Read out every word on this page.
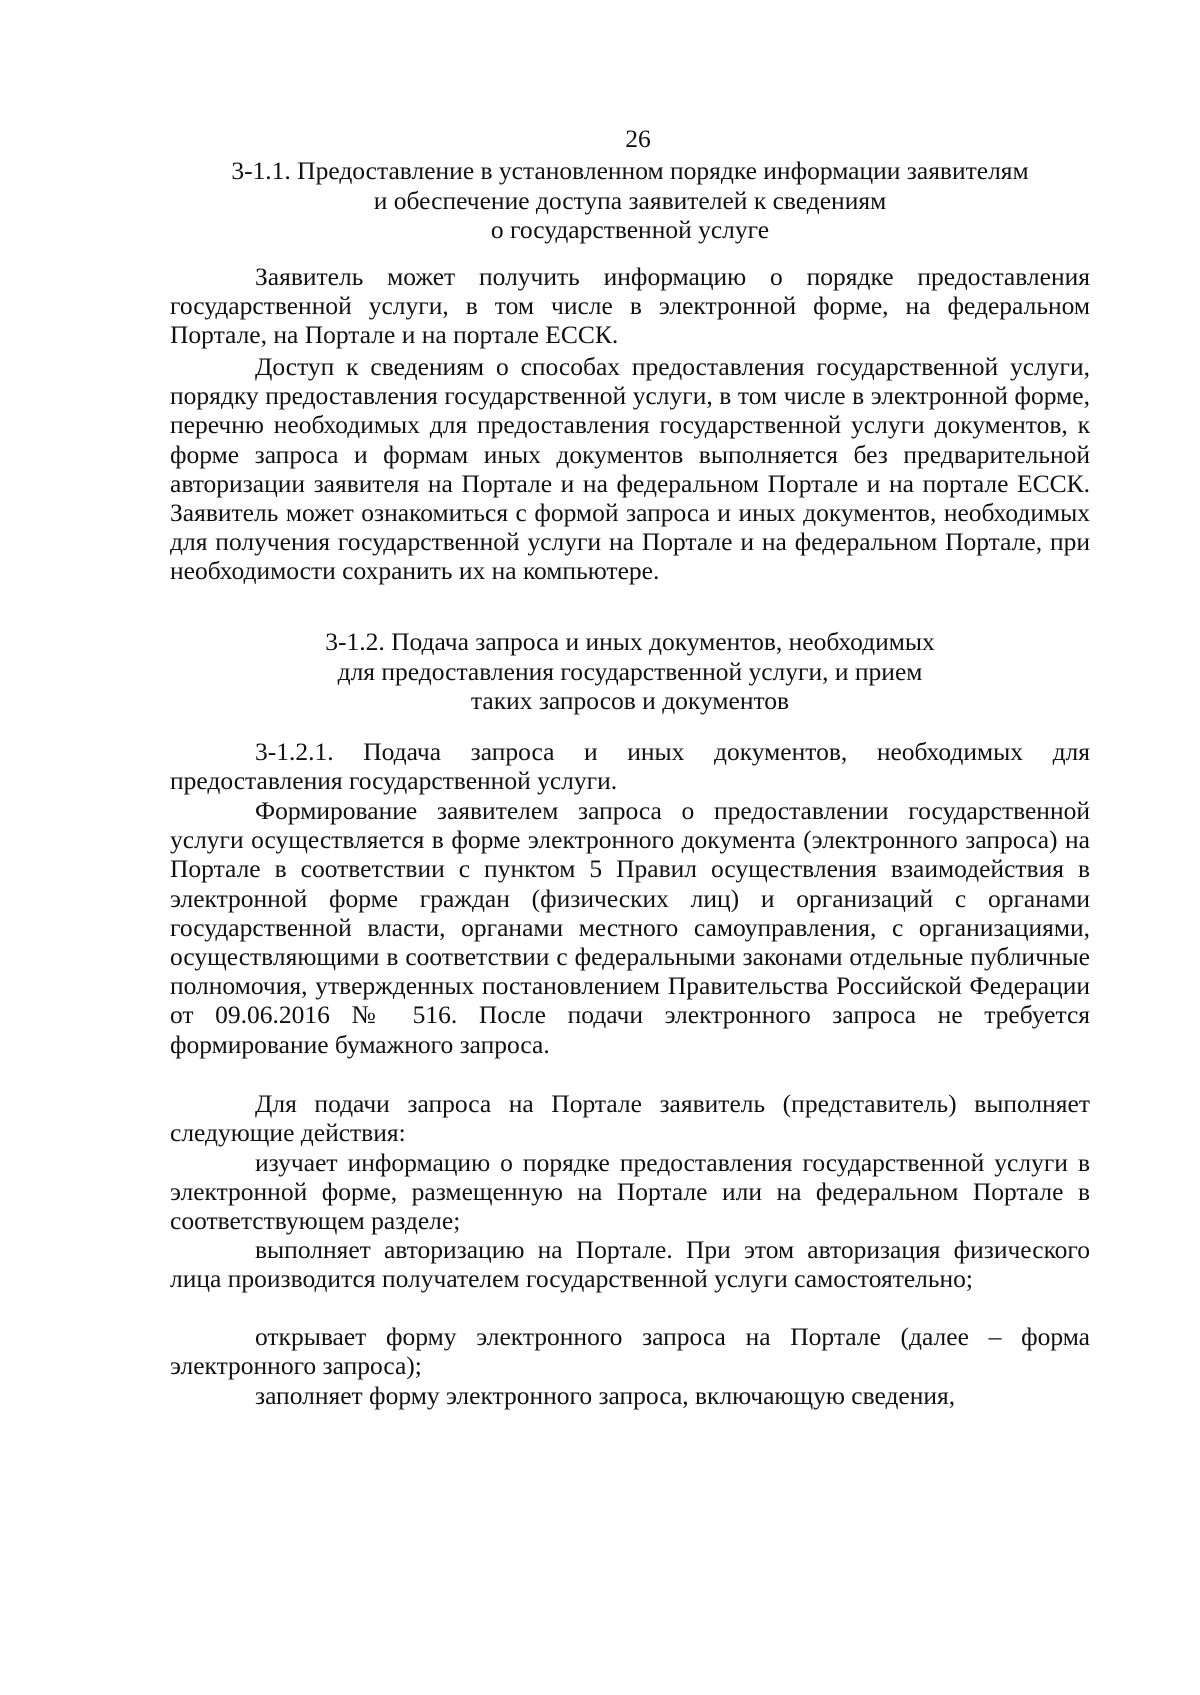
26
3-1.1. Предоставление в установленном порядке информации заявителям
и обеспечение доступа заявителей к сведениям
о государственной услуге

Заявитель может получить информацию о порядке предоставления государственной услуги, в том числе в электронной форме, на федеральном Портале, на Портале и на портале ЕССК.

Доступ к сведениям о способах предоставления государственной услуги, порядку предоставления государственной услуги, в том числе в электронной форме, перечню необходимых для предоставления государственной услуги документов, к форме запроса и формам иных документов выполняется без предварительной авторизации заявителя на Портале и на федеральном Портале и на портале ЕССК. Заявитель может ознакомиться с формой запроса и иных документов, необходимых для получения государственной услуги на Портале и на федеральном Портале, при необходимости сохранить их на компьютере.

3-1.2. Подача запроса и иных документов, необходимых
для предоставления государственной услуги, и прием
таких запросов и документов

3-1.2.1. Подача запроса и иных документов, необходимых для предоставления государственной услуги.

Формирование заявителем запроса о предоставлении государственной услуги осуществляется в форме электронного документа (электронного запроса) на Портале в соответствии с пунктом 5 Правил осуществления взаимодействия в электронной форме граждан (физических лиц) и организаций с органами государственной власти, органами местного самоуправления, с организациями, осуществляющими в соответствии с федеральными законами отдельные публичные полномочия, утвержденных постановлением Правительства Российской Федерации от 09.06.2016 № 516. После подачи электронного запроса не требуется формирование бумажного запроса.

Для подачи запроса на Портале заявитель (представитель) выполняет следующие действия:

изучает информацию о порядке предоставления государственной услуги в электронной форме, размещенную на Портале или на федеральном Портале в соответствующем разделе;

выполняет авторизацию на Портале. При этом авторизация физического лица производится получателем государственной услуги самостоятельно;

открывает форму электронного запроса на Портале (далее – форма электронного запроса);

заполняет форму электронного запроса, включающую сведения,
